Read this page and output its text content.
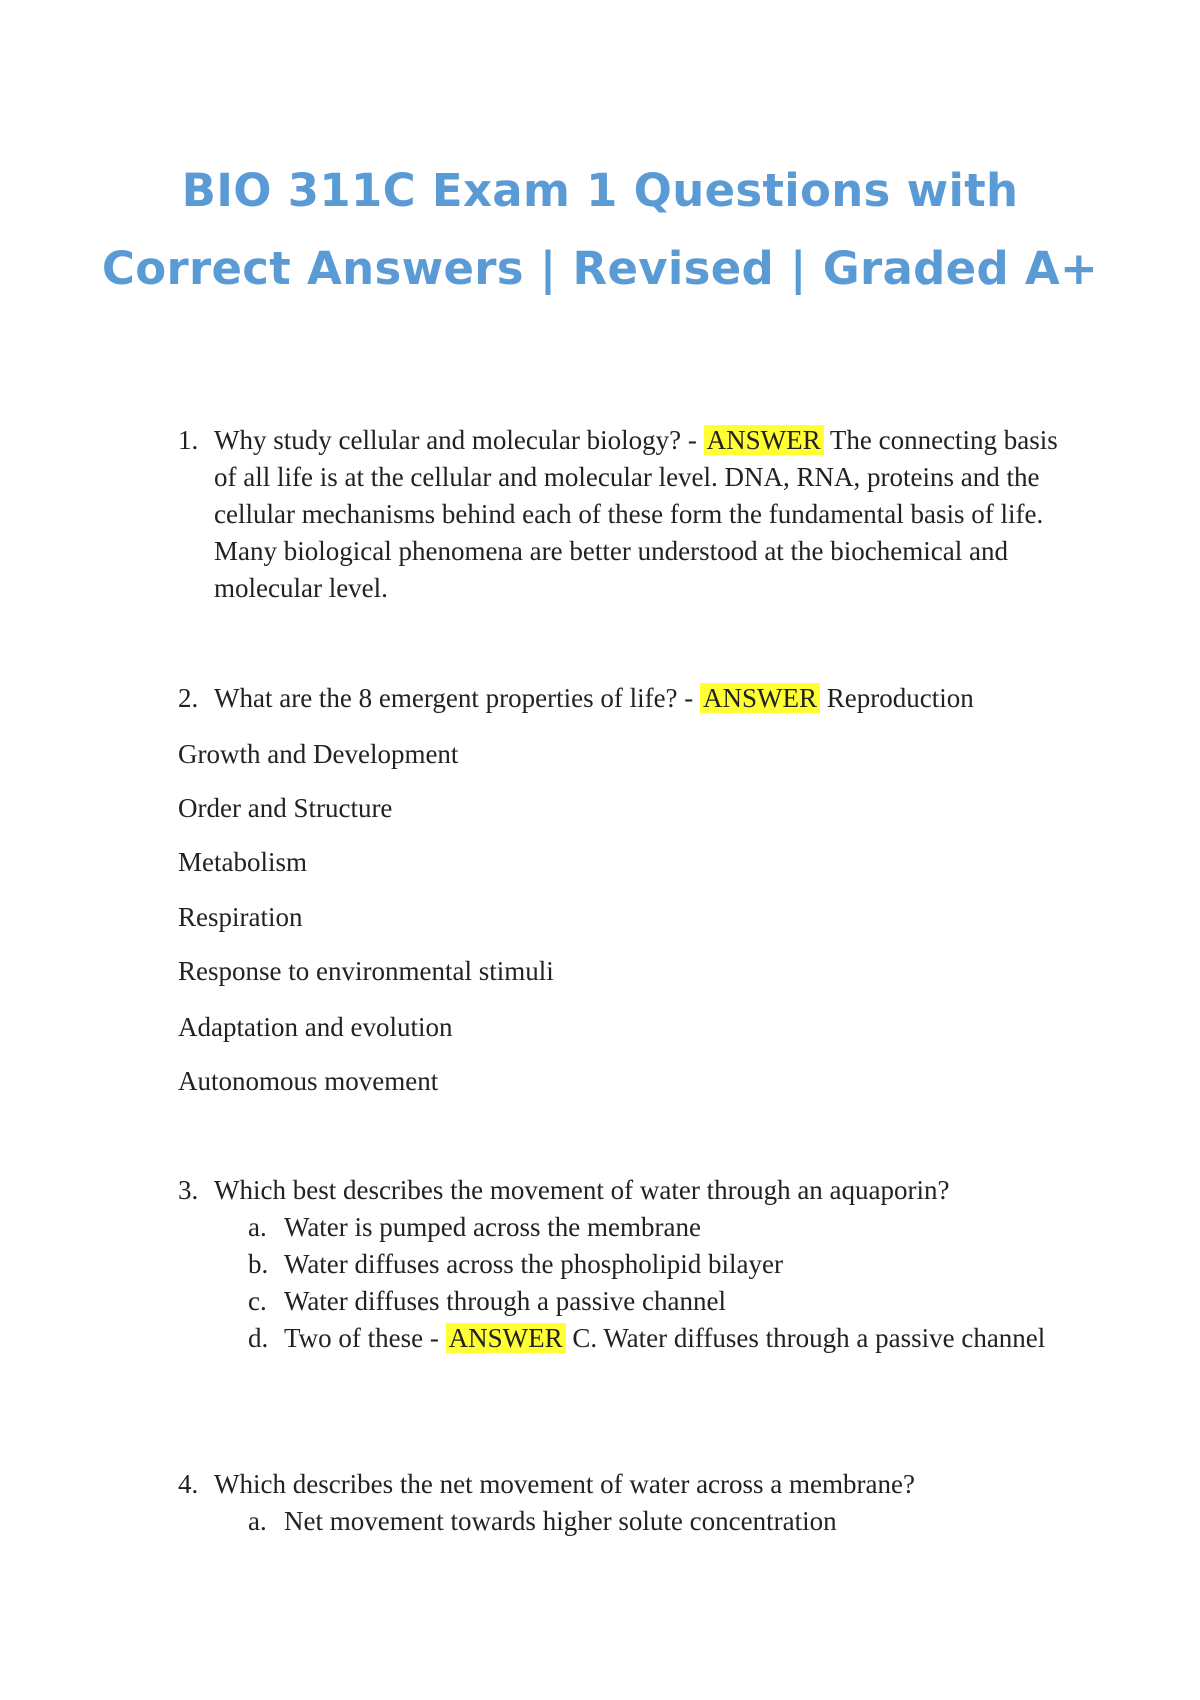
BIO 311C Exam 1 Questions with
Correct Answers | Revised | Graded A+
1. Why study cellular and molecular biology? - ANSWER The connecting basis of all life is at the cellular and molecular level. DNA, RNA, proteins and the cellular mechanisms behind each of these form the fundamental basis of life. Many biological phenomena are better understood at the biochemical and molecular level.
2. What are the 8 emergent properties of life? - ANSWER Reproduction
Growth and Development
Order and Structure
Metabolism
Respiration
Response to environmental stimuli
Adaptation and evolution
Autonomous movement
3. Which best describes the movement of water through an aquaporin?
a. Water is pumped across the membrane
b. Water diffuses across the phospholipid bilayer
c. Water diffuses through a passive channel
d. Two of these - ANSWER C. Water diffuses through a passive channel
4. Which describes the net movement of water across a membrane?
a. Net movement towards higher solute concentration
